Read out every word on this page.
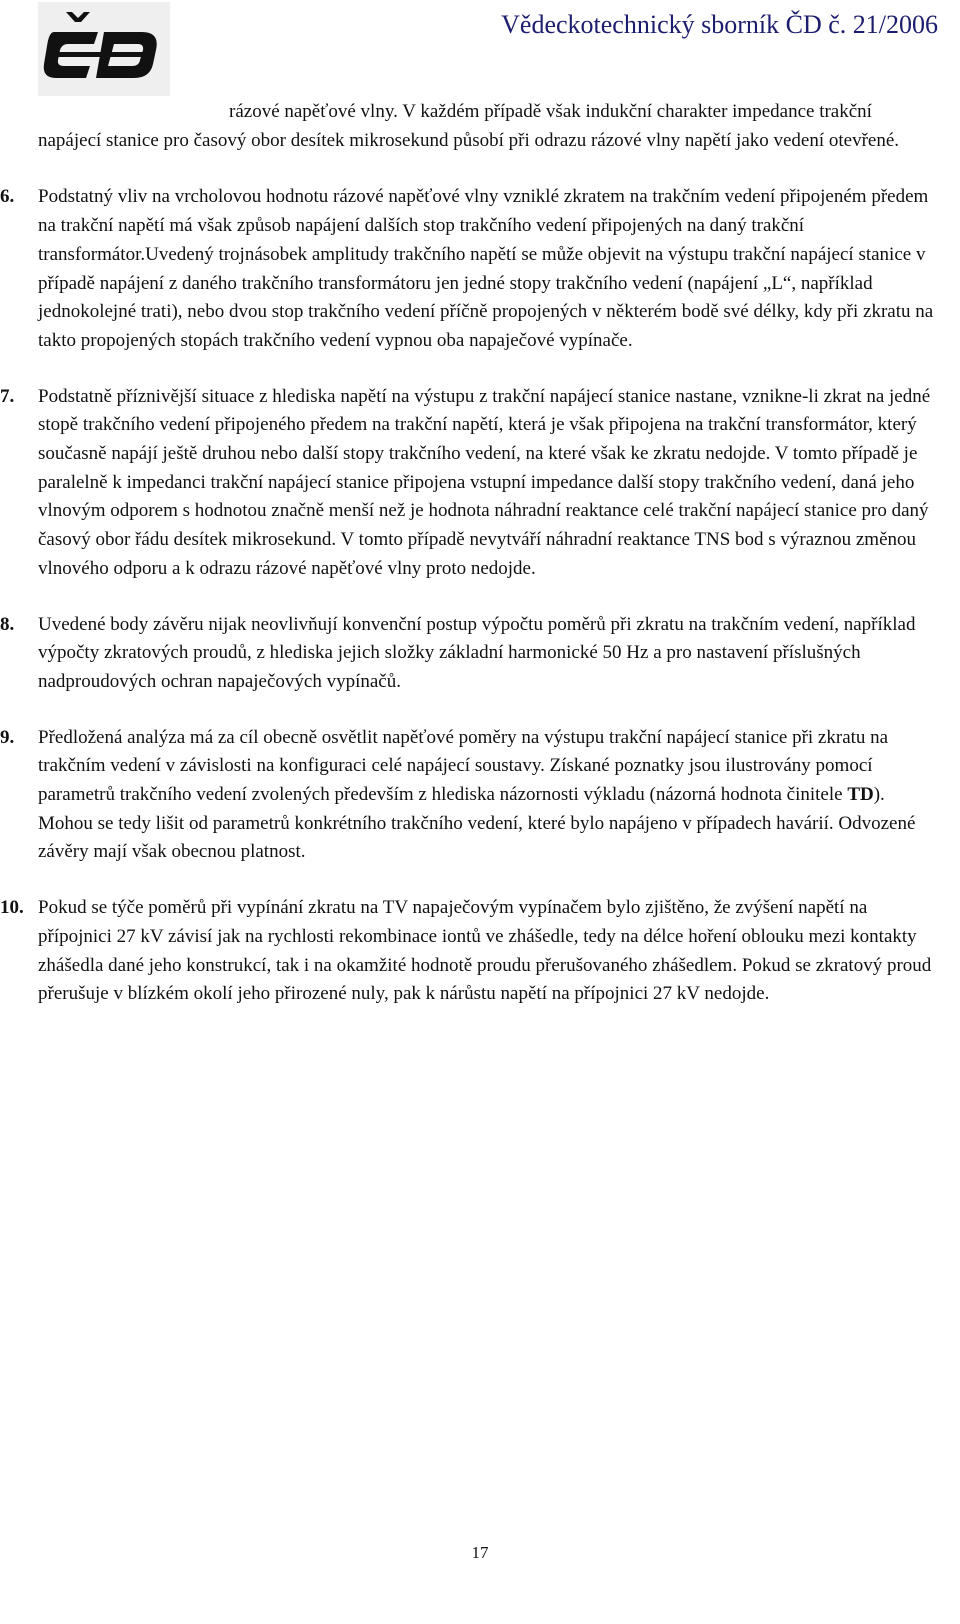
Vědeckotechnický sborník ČD č. 21/2006

rázové napěťové vlny. V každém případě však indukční charakter impedance trakční napájecí stanice pro časový obor desítek mikrosekund působí při odrazu rázové vlny napětí jako vedení otevřené.

6.	Podstatný vliv na vrcholovou hodnotu rázové napěťové vlny vzniklé zkratem na trakčním vedení připojeném předem na trakční napětí má však způsob napájení dalších stop trakčního vedení připojených na daný trakční transformátor.Uvedený trojnásobek amplitudy trakčního napětí se může objevit na výstupu trakční napájecí stanice v případě napájení z daného trakčního transformátoru jen jedné stopy trakčního vedení (napájení „L“, například jednokolejné trati), nebo dvou stop trakčního vedení příčně propojených v některém bodě své délky, kdy při zkratu na takto propojených stopách trakčního vedení vypnou oba napaječové vypínače.
7.	Podstatně příznivější situace z hlediska napětí na výstupu z trakční napájecí stanice nastane, vznikne-li zkrat na jedné stopě trakčního vedení připojeného předem na trakční napětí, která je však připojena na trakční transformátor, který současně napájí ještě druhou nebo další stopy trakčního vedení, na které však ke zkratu nedojde. V tomto případě je paralelně k impedanci trakční napájecí stanice připojena vstupní impedance další stopy trakčního vedení, daná jeho vlnovým odporem s hodnotou značně menší než je hodnota náhradní reaktance celé trakční napájecí stanice pro daný časový obor řádu desítek mikrosekund. V tomto případě nevytváří náhradní reaktance TNS bod s výraznou změnou vlnového odporu a k odrazu rázové napěťové vlny proto nedojde.
8.	Uvedené body závěru nijak neovlivňují konvenční postup výpočtu poměrů při zkratu na trakčním vedení, například výpočty zkratových proudů, z hlediska jejich složky základní harmonické 50 Hz a pro nastavení příslušných nadproudových ochran napaječových vypínačů.
9.	Předložená analýza má za cíl obecně osvětlit napěťové poměry na výstupu trakční napájecí stanice při zkratu na trakčním vedení v závislosti na konfiguraci celé napájecí soustavy. Získané poznatky jsou ilustrovány pomocí parametrů trakčního vedení zvolených především z hlediska názornosti výkladu (názorná hodnota činitele TD). Mohou se tedy lišit od parametrů konkrétního trakčního vedení, které bylo napájeno v případech havárií. Odvozené závěry mají však obecnou platnost.
10. Pokud se týče poměrů při vypínání zkratu na TV napaječovým vypínačem bylo zjištěno, že zvýšení napětí na přípojnici 27 kV závisí jak na rychlosti rekombinace iontů ve zhášedle, tedy na délce hoření oblouku mezi kontakty zhášedla dané jeho konstrukcí, tak i na okamžité hodnotě proudu přerušovaného zhášedlem. Pokud se zkratový proud přerušuje v blízkém okolí jeho přirozené nuly, pak k nárůstu napětí na přípojnici 27 kV nedojde.
17
